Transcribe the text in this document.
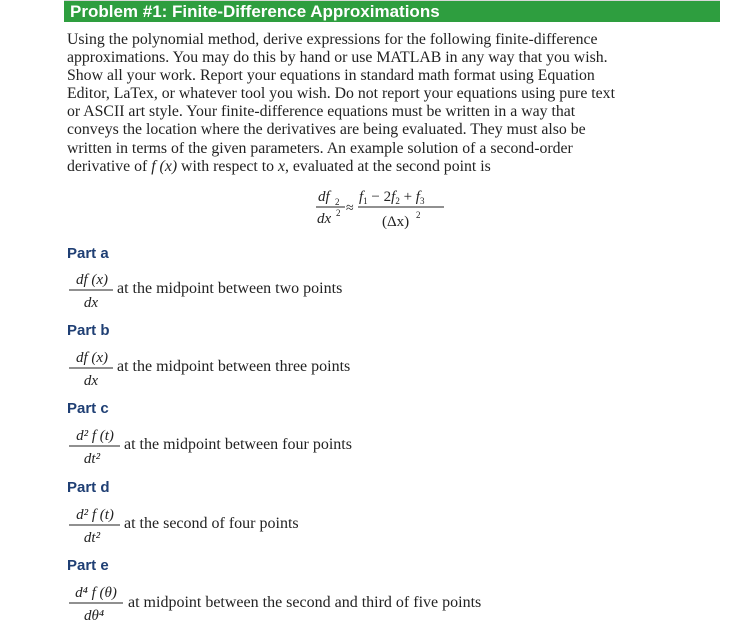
Problem #1: Finite-Difference Approximations
Using the polynomial method, derive expressions for the following finite-difference
approximations. You may do this by hand or use MATLAB in any way that you wish.
Show all your work. Report your equations in standard math format using Equation
Editor, LaTex, or whatever tool you wish. Do not report your equations using pure text
or ASCII art style. Your finite-difference equations must be written in a way that
conveys the location where the derivatives are being evaluated. They must also be
written in terms of the given parameters. An example solution of a second-order
derivative of f (x) with respect to x, evaluated at the second point is
df 2
dx 2 ≈
$f_1 - 2f_2 + f_3$
(Δx) 2
Part a
df (x)
dx
at the midpoint between two points
Part b
df (x)
dx
at the midpoint between three points
Part c
d² f (t)
dt²
at the midpoint between four points
Part d
d² f (t)
dt²
at the second of four points
Part e
d⁴ f (θ)
dθ⁴
at midpoint between the second and third of five points
